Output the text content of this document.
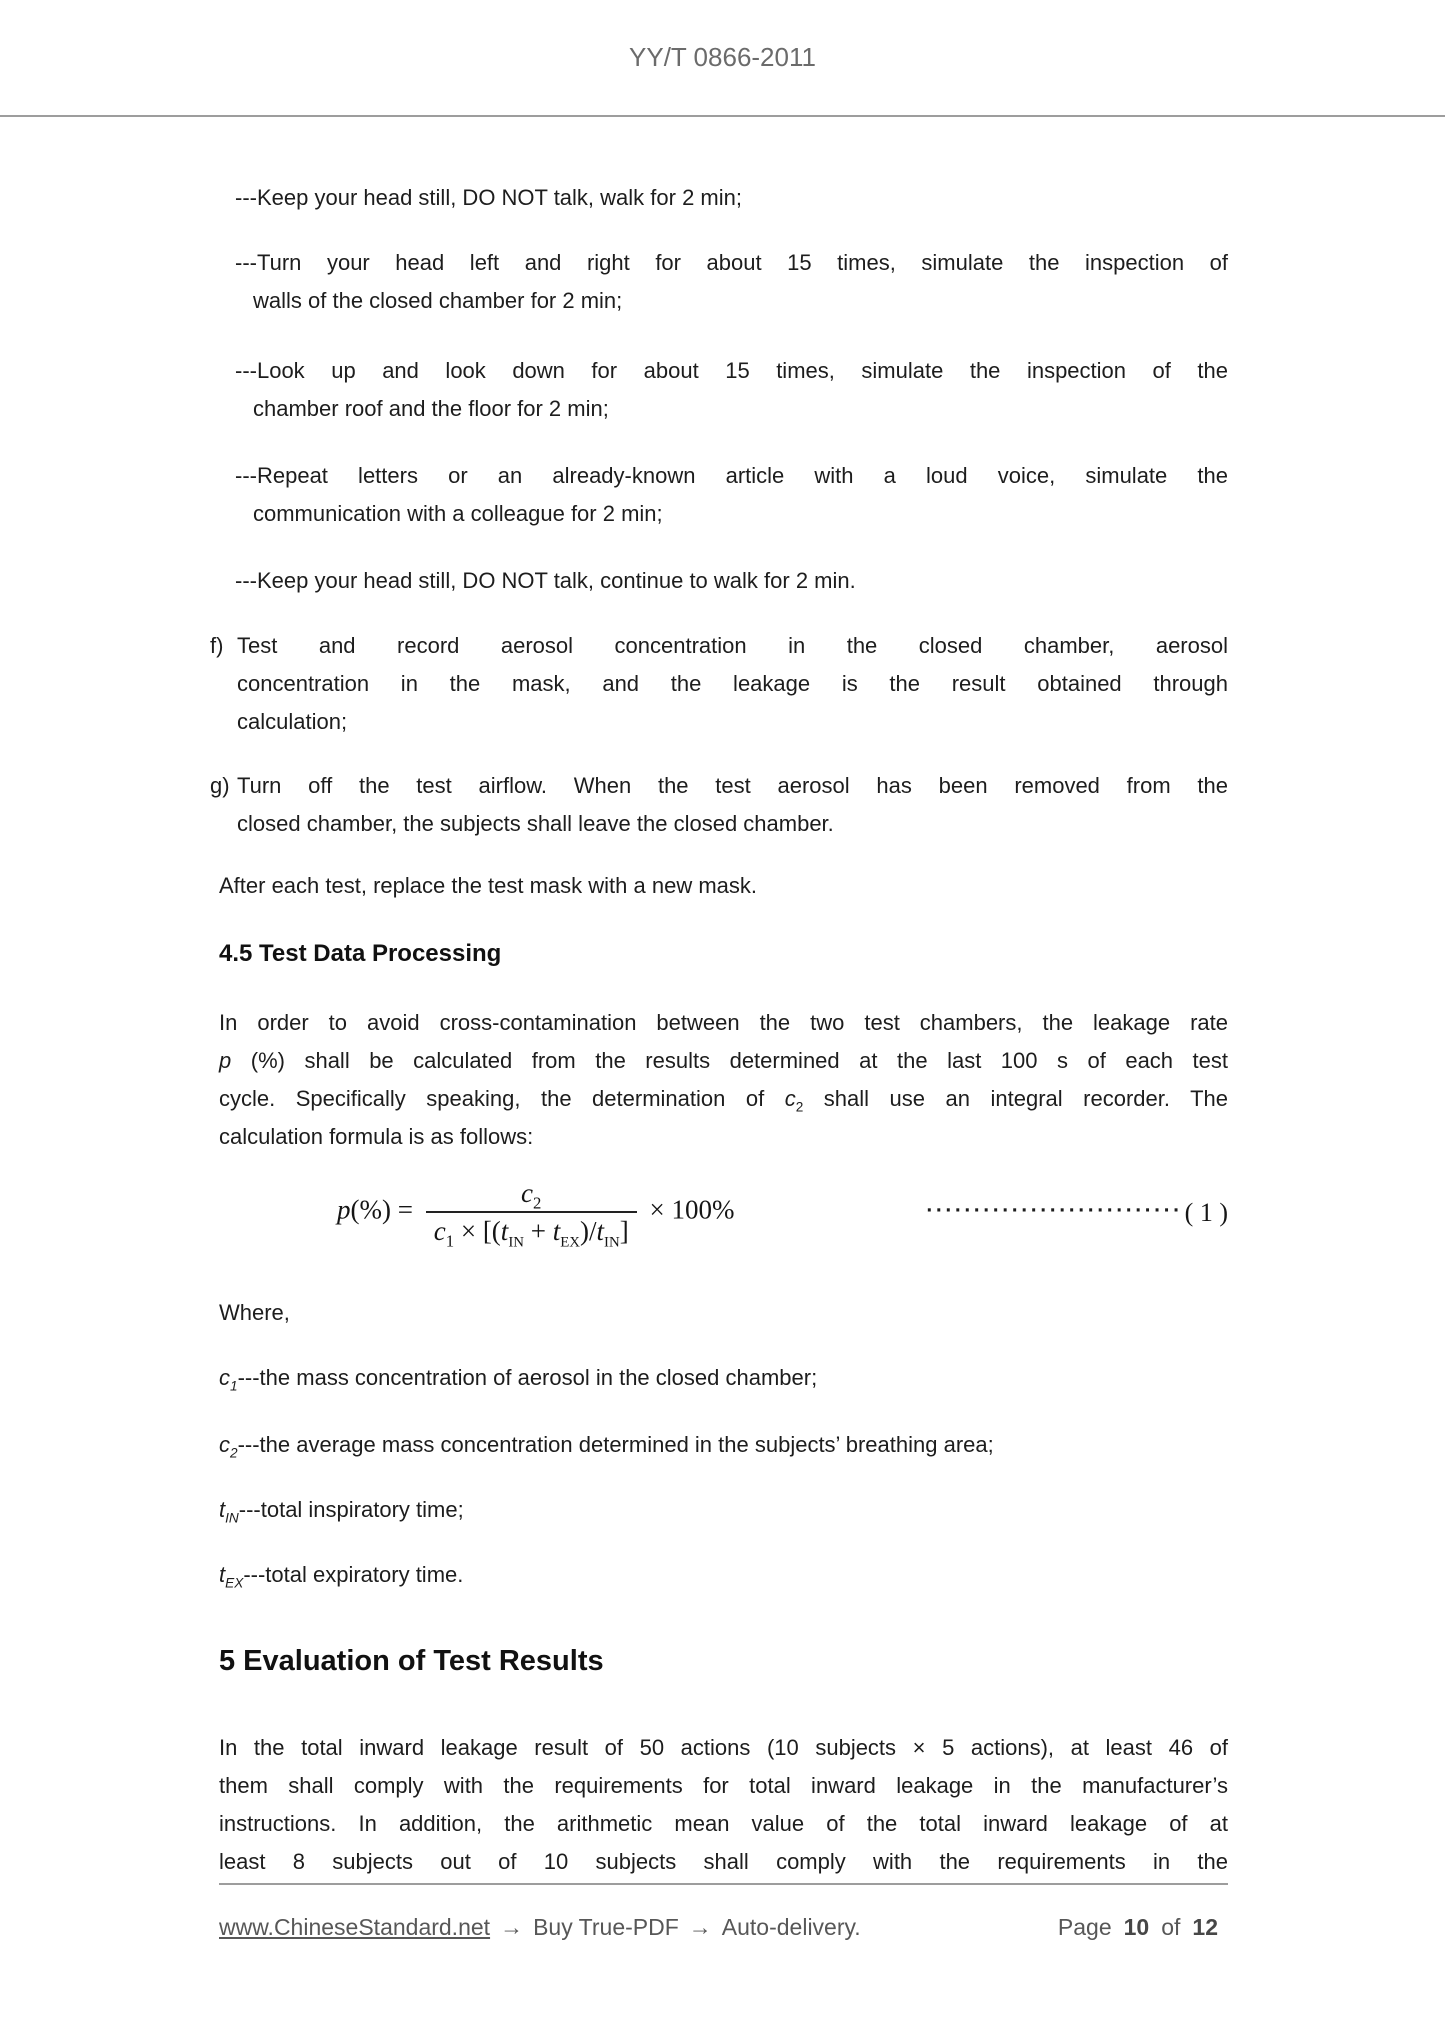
YY/T 0866-2011
---Keep your head still, DO NOT talk, walk for 2 min;
---Turn your head left and right for about 15 times, simulate the inspection of
walls of the closed chamber for 2 min;
---Look up and look down for about 15 times, simulate the inspection of the
chamber roof and the floor for 2 min;
---Repeat letters or an already-known article with a loud voice, simulate the
communication with a colleague for 2 min;
---Keep your head still, DO NOT talk, continue to walk for 2 min.
f) Test and record aerosol concentration in the closed chamber, aerosol
concentration in the mask, and the leakage is the result obtained through
calculation;
g) Turn off the test airflow. When the test aerosol has been removed from the
closed chamber, the subjects shall leave the closed chamber.
After each test, replace the test mask with a new mask.
4.5 Test Data Processing
In order to avoid cross-contamination between the two test chambers, the leakage rate
p (%) shall be calculated from the results determined at the last 100 s of each test
cycle. Specifically speaking, the determination of $c_2$ shall use an integral recorder. The
calculation formula is as follows:
p(%) =
$c_2$
$c_1 \times [(t_{IN} + t_{EX})/t_{IN}]$
× 100%	···························( 1 )
Where,
$c_1--$-the mass concentration of aerosol in the closed chamber;
$c_2--$-the average mass concentration determined in the subjects’ breathing area;
$t_{IN}--$-total inspiratory time;
$t_{EX}--$-total expiratory time.
5 Evaluation of Test Results
In the total inward leakage result of 50 actions (10 subjects × 5 actions), at least 46 of
them shall comply with the requirements for total inward leakage in the manufacturer’s
instructions. In addition, the arithmetic mean value of the total inward leakage of at
least 8 subjects out of 10 subjects shall comply with the requirements in the
www.ChineseStandard.net → Buy True-PDF → Auto-delivery.	Page 10 of 12
